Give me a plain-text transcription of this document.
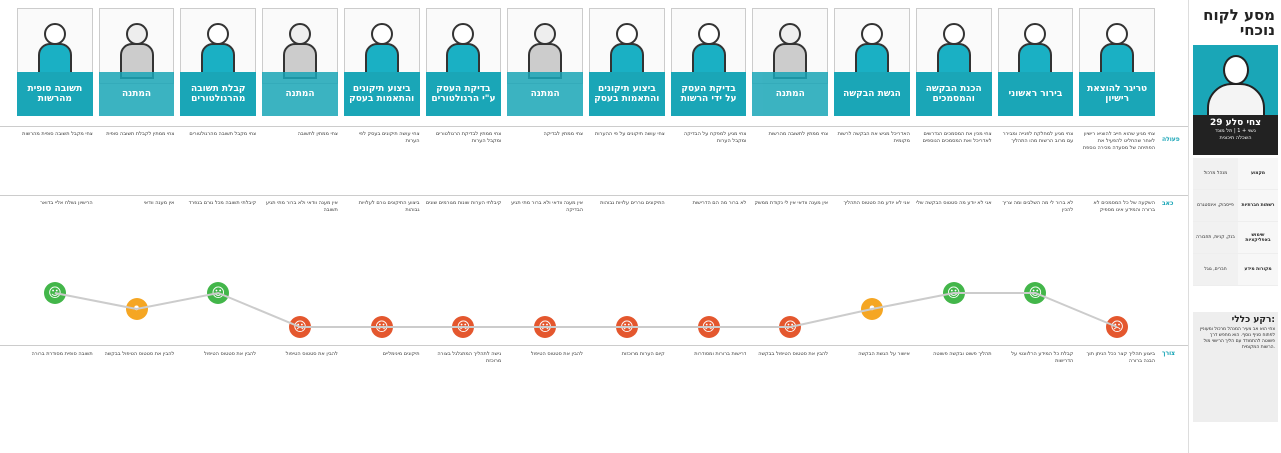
מסע לקוח נוכחי
צחי סלע 29
נשוי + 1 | תל מונד
השכלה תיכונית
מנהל מרכול	מקצוע
פייסבוק, אינסטגרם	רשתות חברתיות
בנק, קניות, תחבורה	שימוש באפליקציות
חברים, גוגל	מקורות מידע
רקע כללי:
צחי הוא אב צעיר המנהל מרכול ומעוניין לפתוח סניף נוסף. הוא מחפש דרך פשוטה להתמודד עם הליך הרישוי מול הרשות המקומית.
פעולה
כאב
צורך
טריגר להוצאת רישיון
צחי מגיע שהוא חייב להוציא רישיון לאחר שהחליט להפעיל את הפתיחה של מסעדה מכירה נוספת
השקעה של כל המסמכים לא ברורה והמידע אינו מספיק
ביצוע תהליך קצר ככל הניתן תוך הבנה ברורה
☹
בירור ראשוני
צחי מגיע למחלקת לפנייה ומבירר עם מרוב הרשות מהו התהליך
לא ברור לי מה השלבים ומה צריך להכין
קבלת כל המידע הרלוונטי על הדרישות
☺
הכנת הבקשה והמסמכים
צחי מכין את המסמכים הנדרשים לאדריכל ואת המסמכים הנוספים
אני לא יודע מה סטטוס הבקשה שלי
תהליך פשוט ובקשה פשוטה
☺
הגשת הבקשה
האדריכל מגיש את הבקשה לרשות מקומית
אני לא יודע מה סטטוס התהליך
אישור על הגשת הבקשה
•
המתנה
צחי ממתין לתשובה מהרשות
אין מענה וודאי אין לי נקודת ממשק
להבין את סטטוס הטיפול בבקשה
☹
בדיקת העסק על ידי הרשות
צחי מגיע למפקח על הבדיקה ומקבל הערות
לא ברור מה הם הדרישות
דרישות ברורות ומסודרות
☹
ביצוע תיקונים והתאמות בעסק
צחי עושה תיקונים על פי ההערות
התיקונים גוררים עלויות גבוהות
קיום הערות מרוכזות
☹
המתנה
צחי ממתין לבדיקה
אין מענה וודאי ולא ברור מתי תגיע הבדיקה
להבין את סטטוס הטיפול
☹
בדיקת העסק ע"י הרגולטורים
צחי ממתין לבדיקת הרגולטורים ומקבל הערות
קיבלתי הערות שונות מגורמים שונים
גישה לתהליך המתגלגל בצורה מרוכזת
☹
ביצוע תיקונים והתאמות בעסק
צחי עושה תיקונים בעסק לפי הערות
ביצוע התיקונים גורם לעלויות גבוהות
תיקונים מינימליים
☹
המתנה
צחי ממתין לתשובה
אין מענה וודאי ולא ברור מתי תגיע תשובה
להבין את סטטוס הטיפול
☹
קבלת תשובה מהרגולטורים
צחי מקבל תשובה מהרגולטורים
קיבלתי תשובה מכל גורם בנפרד
להבין את סטטוס הטיפול
☺
המתנה
צחי ממתין לקבלת תשובה סופית
אין מענה וודאי
להבין את סטטוס הטיפול בבקשה
•
תשובה סופית מהרשות
צחי מקבל תשובה סופית מהרשות
הרישיון נשלח אליי בדואר
תשובה סופית מסודרת ברורה
☺
